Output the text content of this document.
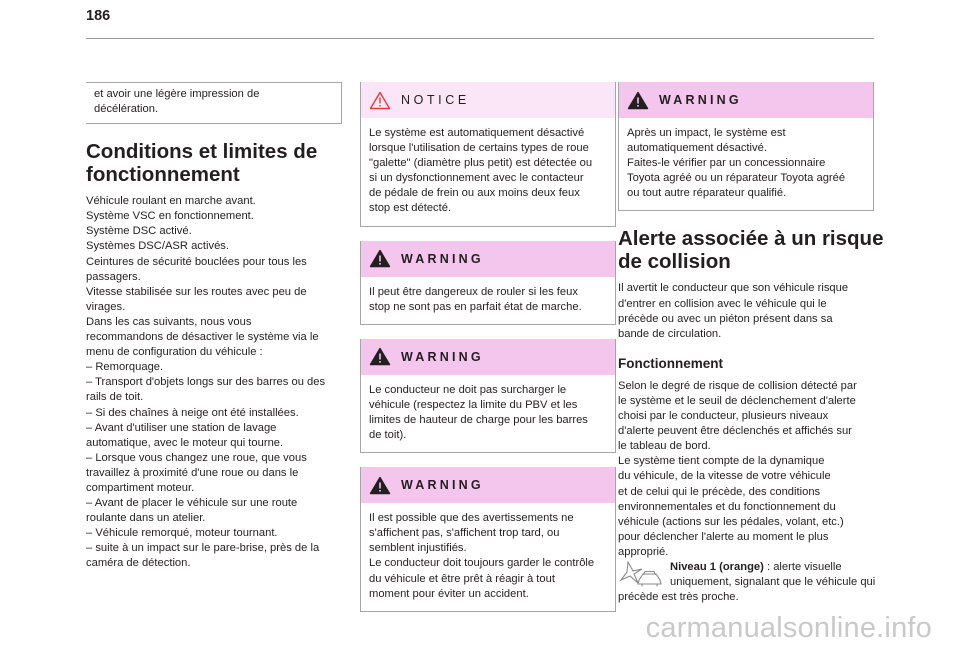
186

et avoir une légère impression de
décélération.

Conditions et limites de
fonctionnement

Véhicule roulant en marche avant.
Système VSC en fonctionnement.
Système DSC activé.
Systèmes DSC/ASR activés.
Ceintures de sécurité bouclées pour tous les
passagers.
Vitesse stabilisée sur les routes avec peu de
virages.
Dans les cas suivants, nous vous
recommandons de désactiver le système via le
menu de configuration du véhicule :
– Remorquage.
– Transport d'objets longs sur des barres ou des
rails de toit.
– Si des chaînes à neige ont été installées.
– Avant d'utiliser une station de lavage
automatique, avec le moteur qui tourne.
– Lorsque vous changez une roue, que vous
travaillez à proximité d'une roue ou dans le
compartiment moteur.
– Avant de placer le véhicule sur une route
roulante dans un atelier.
– Véhicule remorqué, moteur tournant.
– suite à un impact sur le pare-brise, près de la
caméra de détection.

NOTICE

Le système est automatiquement désactivé
lorsque l'utilisation de certains types de roue
"galette" (diamètre plus petit) est détectée ou
si un dysfonctionnement avec le contacteur
de pédale de frein ou aux moins deux feux
stop est détecté.

WARNING

Il peut être dangereux de rouler si les feux
stop ne sont pas en parfait état de marche.

WARNING

Le conducteur ne doit pas surcharger le
véhicule (respectez la limite du PBV et les
limites de hauteur de charge pour les barres
de toit).

WARNING

Il est possible que des avertissements ne
s'affichent pas, s'affichent trop tard, ou
semblent injustifiés.
Le conducteur doit toujours garder le contrôle
du véhicule et être prêt à réagir à tout
moment pour éviter un accident.

WARNING

Après un impact, le système est
automatiquement désactivé.
Faites-le vérifier par un concessionnaire
Toyota agréé ou un réparateur Toyota agréé
ou tout autre réparateur qualifié.

Alerte associée à un risque
de collision

Il avertit le conducteur que son véhicule risque
d'entrer en collision avec le véhicule qui le
précède ou avec un piéton présent dans sa
bande de circulation.

Fonctionnement

Selon le degré de risque de collision détecté par
le système et le seuil de déclenchement d'alerte
choisi par le conducteur, plusieurs niveaux
d'alerte peuvent être déclenchés et affichés sur
le tableau de bord.
Le système tient compte de la dynamique
du véhicule, de la vitesse de votre véhicule
et de celui qui le précède, des conditions
environnementales et du fonctionnement du
véhicule (actions sur les pédales, volant, etc.)
pour déclencher l'alerte au moment le plus
approprié.

Niveau 1 (orange) : alerte visuelle
uniquement, signalant que le véhicule qui

précède est très proche.

carmanualsonline.info
